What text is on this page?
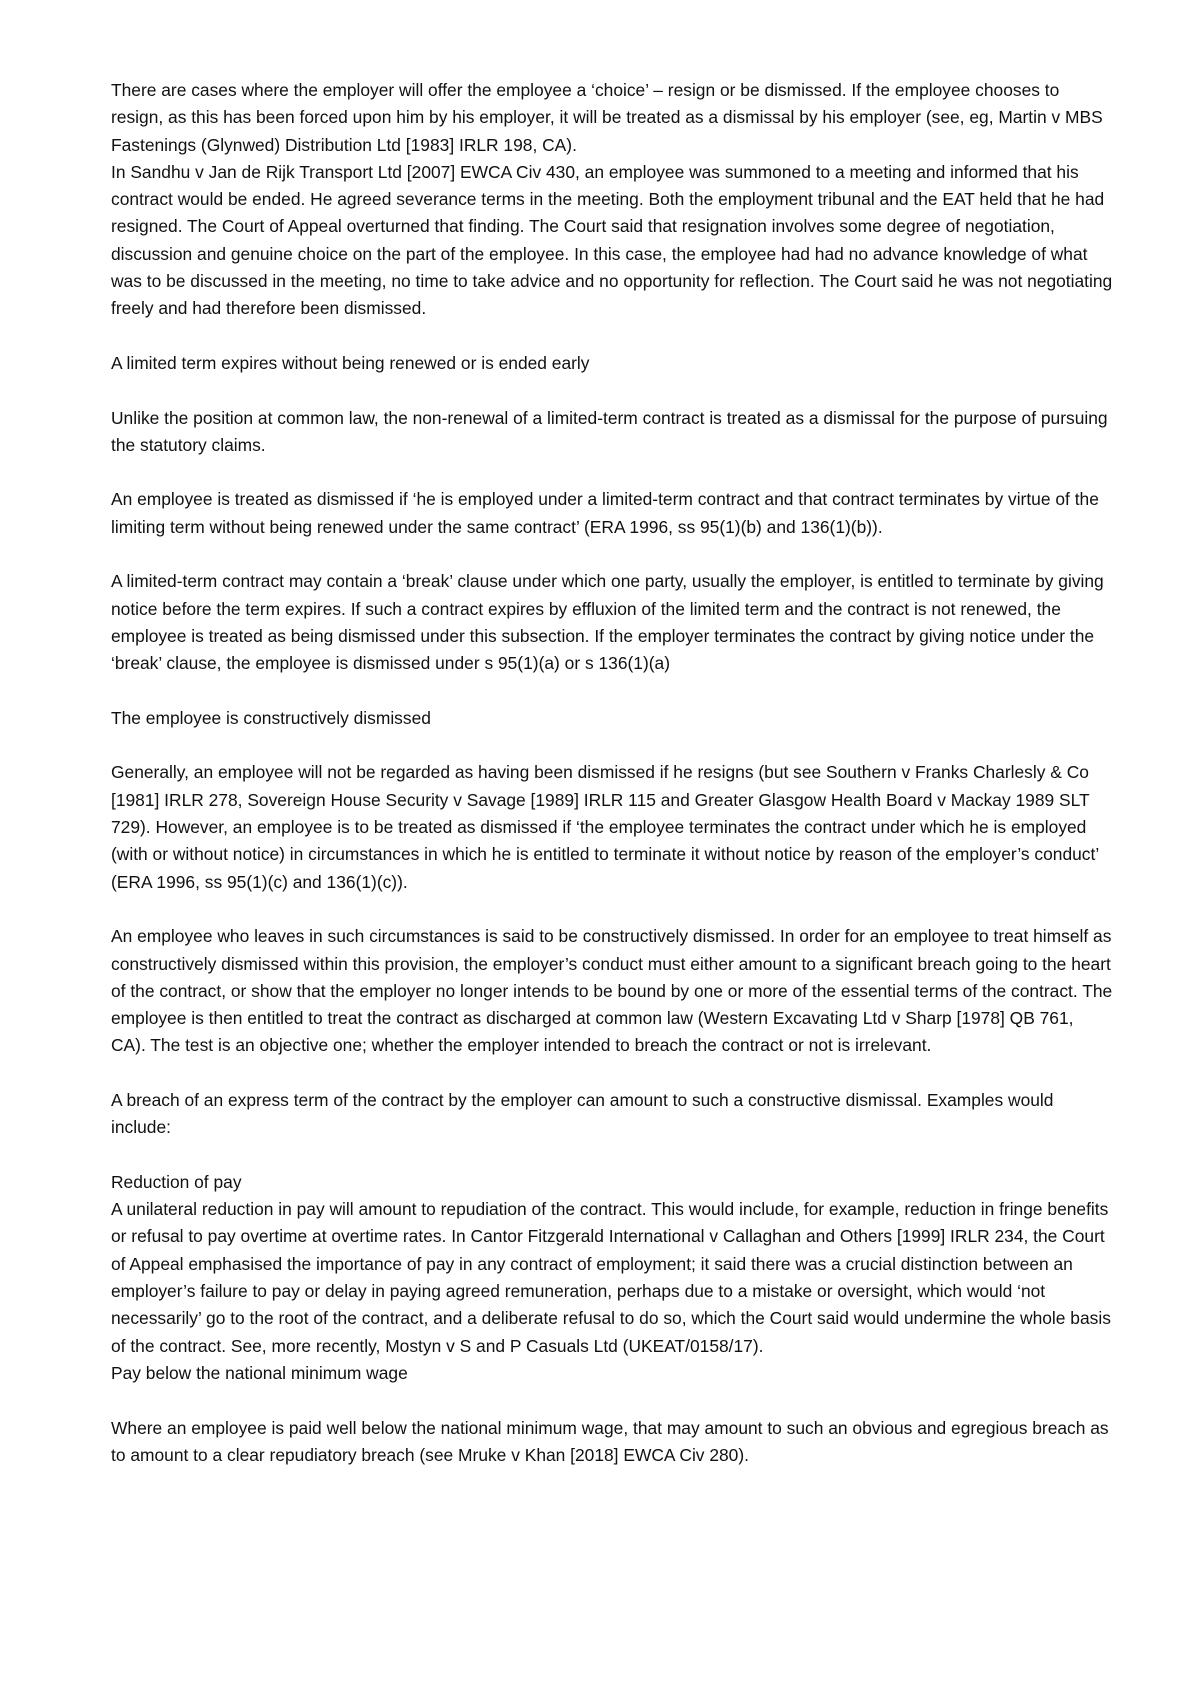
There are cases where the employer will offer the employee a ‘choice’ – resign or be dismissed. If the employee chooses to resign, as this has been forced upon him by his employer, it will be treated as a dismissal by his employer (see, eg, Martin v MBS Fastenings (Glynwed) Distribution Ltd [1983] IRLR 198, CA).

In Sandhu v Jan de Rijk Transport Ltd [2007] EWCA Civ 430, an employee was summoned to a meeting and informed that his contract would be ended. He agreed severance terms in the meeting. Both the employment tribunal and the EAT held that he had resigned. The Court of Appeal overturned that finding. The Court said that resignation involves some degree of negotiation, discussion and genuine choice on the part of the employee. In this case, the employee had had no advance knowledge of what was to be discussed in the meeting, no time to take advice and no opportunity for reflection. The Court said he was not negotiating freely and had therefore been dismissed.

A limited term expires without being renewed or is ended early

Unlike the position at common law, the non-renewal of a limited-term contract is treated as a dismissal for the purpose of pursuing the statutory claims.

An employee is treated as dismissed if ‘he is employed under a limited-term contract and that contract terminates by virtue of the limiting term without being renewed under the same contract’ (ERA 1996, ss 95(1)(b) and 136(1)(b)).

A limited-term contract may contain a ‘break’ clause under which one party, usually the employer, is entitled to terminate by giving notice before the term expires. If such a contract expires by effluxion of the limited term and the contract is not renewed, the employee is treated as being dismissed under this subsection. If the employer terminates the contract by giving notice under the ‘break’ clause, the employee is dismissed under s 95(1)(a) or s 136(1)(a)

The employee is constructively dismissed

Generally, an employee will not be regarded as having been dismissed if he resigns (but see Southern v Franks Charlesly & Co [1981] IRLR 278, Sovereign House Security v Savage [1989] IRLR 115 and Greater Glasgow Health Board v Mackay 1989 SLT 729). However, an employee is to be treated as dismissed if ‘the employee terminates the contract under which he is employed (with or without notice) in circumstances in which he is entitled to terminate it without notice by reason of the employer’s conduct’ (ERA 1996, ss 95(1)(c) and 136(1)(c)).

An employee who leaves in such circumstances is said to be constructively dismissed. In order for an employee to treat himself as constructively dismissed within this provision, the employer’s conduct must either amount to a significant breach going to the heart of the contract, or show that the employer no longer intends to be bound by one or more of the essential terms of the contract. The employee is then entitled to treat the contract as discharged at common law (Western Excavating Ltd v Sharp [1978] QB 761, CA). The test is an objective one; whether the employer intended to breach the contract or not is irrelevant.

A breach of an express term of the contract by the employer can amount to such a constructive dismissal. Examples would include:

Reduction of pay

A unilateral reduction in pay will amount to repudiation of the contract. This would include, for example, reduction in fringe benefits or refusal to pay overtime at overtime rates. In Cantor Fitzgerald International v Callaghan and Others [1999] IRLR 234, the Court of Appeal emphasised the importance of pay in any contract of employment; it said there was a crucial distinction between an employer’s failure to pay or delay in paying agreed remuneration, perhaps due to a mistake or oversight, which would ‘not necessarily’ go to the root of the contract, and a deliberate refusal to do so, which the Court said would undermine the whole basis of the contract. See, more recently, Mostyn v S and P Casuals Ltd (UKEAT/0158/17).

Pay below the national minimum wage

Where an employee is paid well below the national minimum wage, that may amount to such an obvious and egregious breach as to amount to a clear repudiatory breach (see Mruke v Khan [2018] EWCA Civ 280).
